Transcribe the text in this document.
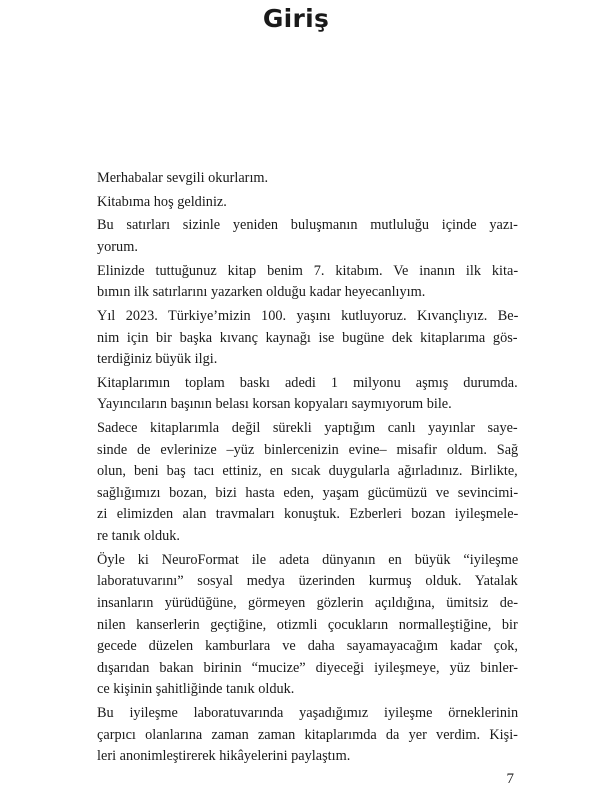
Giriş
Merhabalar sevgili okurlarım.
Kitabıma hoş geldiniz.
Bu satırları sizinle yeniden buluşmanın mutluluğu içinde yazı-
yorum.
Elinizde tuttuğunuz kitap benim 7. kitabım. Ve inanın ilk kita-
bımın ilk satırlarını yazarken olduğu kadar heyecanlıyım.
Yıl 2023. Türkiye’mizin 100. yaşını kutluyoruz. Kıvançlıyız. Be-
nim için bir başka kıvanç kaynağı ise bugüne dek kitaplarıma gös-
terdiğiniz büyük ilgi.
Kitaplarımın toplam baskı adedi 1 milyonu aşmış durumda.
Yayıncıların başının belası korsan kopyaları saymıyorum bile.
Sadece kitaplarımla değil sürekli yaptığım canlı yayınlar saye-
sinde de evlerinize –yüz binlercenizin evine– misafir oldum. Sağ
olun, beni baş tacı ettiniz, en sıcak duygularla ağırladınız. Birlikte,
sağlığımızı bozan, bizi hasta eden, yaşam gücümüzü ve sevincimi-
zi elimizden alan travmaları konuştuk. Ezberleri bozan iyileşmele-
re tanık olduk.
Öyle ki NeuroFormat ile adeta dünyanın en büyük “iyileşme
laboratuvarını” sosyal medya üzerinden kurmuş olduk. Yatalak
insanların yürüdüğüne, görmeyen gözlerin açıldığına, ümitsiz de-
nilen kanserlerin geçtiğine, otizmli çocukların normalleştiğine, bir
gecede düzelen kamburlara ve daha sayamayacağım kadar çok,
dışarıdan bakan birinin “mucize” diyeceği iyileşmeye, yüz binler-
ce kişinin şahitliğinde tanık olduk.
Bu iyileşme laboratuvarında yaşadığımız iyileşme örneklerinin
çarpıcı olanlarına zaman zaman kitaplarımda da yer verdim. Kişi-
leri anonimleştirerek hikâyelerini paylaştım.
7
